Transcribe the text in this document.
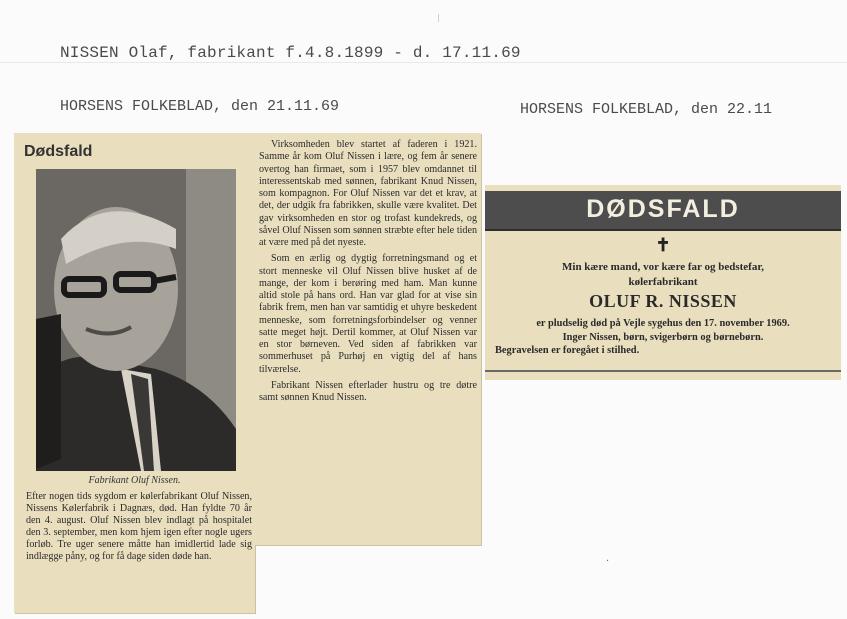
NISSEN Olaf, fabrikant f.4.8.1899 - d. 17.11.69
HORSENS FOLKEBLAD, den 21.11.69	HORSENS FOLKEBLAD, den 22.11
Dødsfald
Fabrikant Oluf Nissen.
Efter nogen tids sygdom er kølerfabrikant Oluf Nissen, Nissens Kølerfabrik i Dagnæs, død. Han fyldte 70 år den 4. august. Oluf Nissen blev indlagt på hospitalet den 3. september, men kom hjem igen efter nogle ugers forløb. Tre uger senere måtte han imidlertid lade sig indlægge påny, og for få dage siden døde han.

Virksomheden blev startet af faderen i 1921. Samme år kom Oluf Nissen i lære, og fem år senere overtog han firmaet, som i 1957 blev omdannet til interessentskab med sønnen, fabrikant Knud Nissen, som kompagnon. For Oluf Nissen var det et krav, at det, der udgik fra fabrikken, skulle være kvalitet. Det gav virksomheden en stor og trofast kundekreds, og såvel Oluf Nissen som sønnen stræbte efter hele tiden at være med på det nyeste.

Som en ærlig og dygtig forretningsmand og et stort menneske vil Oluf Nissen blive husket af de mange, der kom i berøring med ham. Man kunne altid stole på hans ord. Han var glad for at vise sin fabrik frem, men han var samtidig et uhyre beskedent menneske, som forretningsforbindelser og venner satte meget højt. Dertil kommer, at Oluf Nissen var en stor børneven. Ved siden af fabrikken var sommerhuset på Purhøj en vigtig del af hans tilværelse.

Fabrikant Nissen efterlader hustru og tre døtre samt sønnen Knud Nissen.

DØDSFALD
✝
Min kære mand, vor kære far og bedstefar,
kølerfabrikant
OLUF R. NISSEN
er pludselig død på Vejle sygehus den 17. november 1969.
Inger Nissen, børn, svigerbørn og børnebørn.
Begravelsen er foregået i stilhed.
·
